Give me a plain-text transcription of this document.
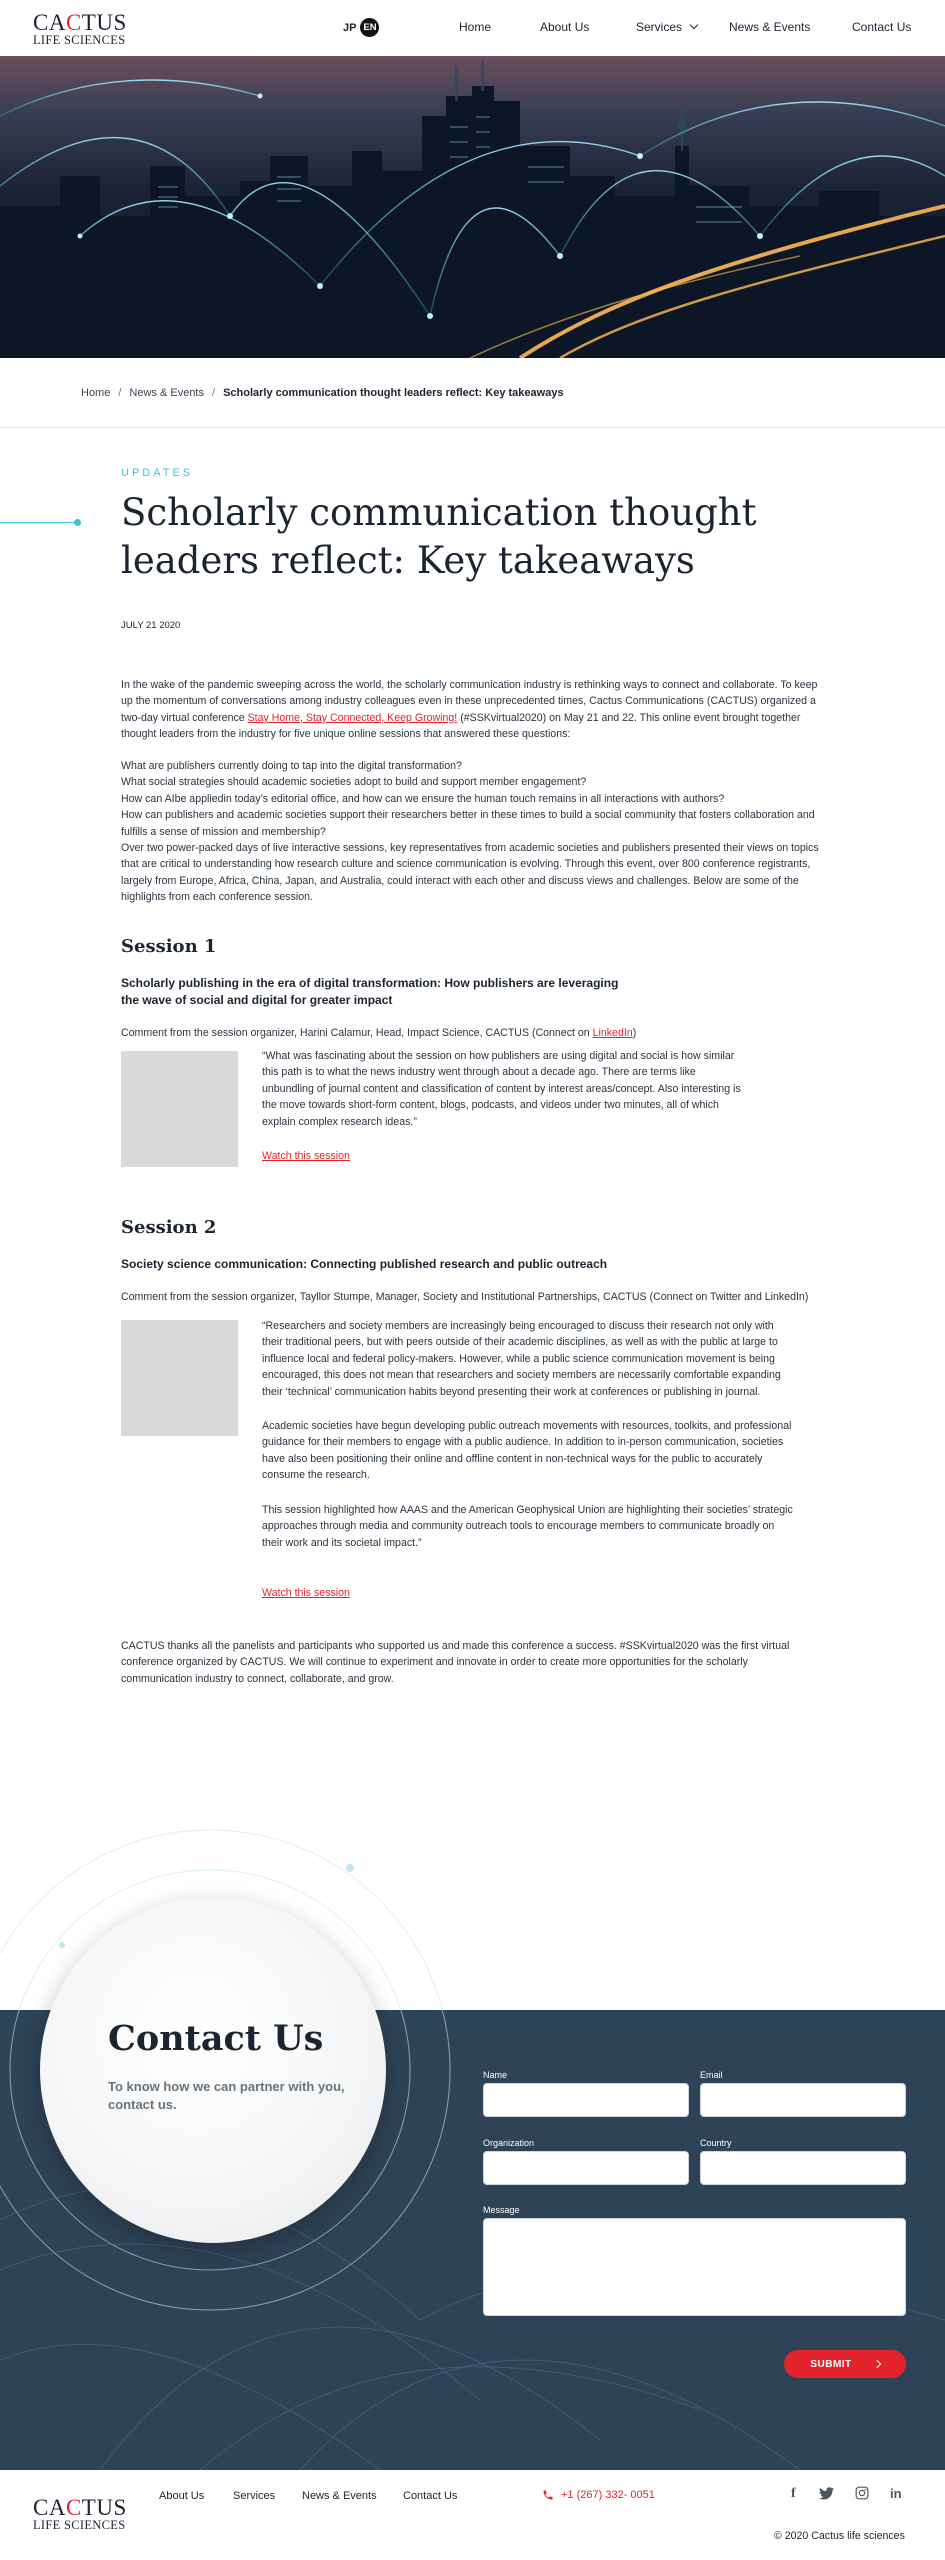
CACTUS
LIFE SCIENCES
JP EN	Home	About Us	Services	News & Events	Contact Us
Home / News & Events / Scholarly communication thought leaders reflect: Key takeaways
UPDATES
Scholarly communication thought leaders reflect: Key takeaways
JULY 21 2020

In the wake of the pandemic sweeping across the world, the scholarly communication industry is rethinking ways to connect and collaborate. To keep up the momentum of conversations among industry colleagues even in these unprecedented times, Cactus Communications (CACTUS) organized a two-day virtual conference Stay Home, Stay Connected, Keep Growing! (#SSKvirtual2020) on May 21 and 22. This online event brought together thought leaders from the industry for five unique online sessions that answered these questions:

What are publishers currently doing to tap into the digital transformation?
What social strategies should academic societies adopt to build and support member engagement?
How can AIbe appliedin today’s editorial office, and how can we ensure the human touch remains in all interactions with authors?
How can publishers and academic societies support their researchers better in these times to build a social community that fosters collaboration and fulfills a sense of mission and membership?
Over two power-packed days of live interactive sessions, key representatives from academic societies and publishers presented their views on topics that are critical to understanding how research culture and science communication is evolving. Through this event, over 800 conference registrants, largely from Europe, Africa, China, Japan, and Australia, could interact with each other and discuss views and challenges. Below are some of the highlights from each conference session.
Session 1
Scholarly publishing in the era of digital transformation: How publishers are leveraging the wave of social and digital for greater impact
Comment from the session organizer, Harini Calamur, Head, Impact Science, CACTUS (Connect on LinkedIn)

“What was fascinating about the session on how publishers are using digital and social is how similar this path is to what the news industry went through about a decade ago. There are terms like unbundling of journal content and classification of content by interest areas/concept. Also interesting is the move towards short-form content, blogs, podcasts, and videos under two minutes, all of which explain complex research ideas.”

Watch this session
Session 2
Society science communication: Connecting published research and public outreach
Comment from the session organizer, Tayllor Stumpe, Manager, Society and Institutional Partnerships, CACTUS (Connect on Twitter and LinkedIn)

“Researchers and society members are increasingly being encouraged to discuss their research not only with their traditional peers, but with peers outside of their academic disciplines, as well as with the public at large to influence local and federal policy-makers. However, while a public science communication movement is being encouraged, this does not mean that researchers and society members are necessarily comfortable expanding their ‘technical’ communication habits beyond presenting their work at conferences or publishing in journal.

Academic societies have begun developing public outreach movements with resources, toolkits, and professional guidance for their members to engage with a public audience. In addition to in-person communication, societies have also been positioning their online and offline content in non-technical ways for the public to accurately consume the research.

This session highlighted how AAAS and the American Geophysical Union are highlighting their societies’ strategic approaches through media and community outreach tools to encourage members to communicate broadly on their work and its societal impact.”

Watch this session

CACTUS thanks all the panelists and participants who supported us and made this conference a success. #SSKvirtual2020 was the first virtual conference organized by CACTUS. We will continue to experiment and innovate in order to create more opportunities for the scholarly communication industry to connect, collaborate, and grow.

Contact Us
To know how we can partner with you, contact us.
Name	Email
Organization	Country
Message
SUBMIT
CACTUS
LIFE SCIENCES
About Us	Services News & Events Contact Us	+1 (267) 332- 0051	f	in
© 2020 Cactus life sciences
